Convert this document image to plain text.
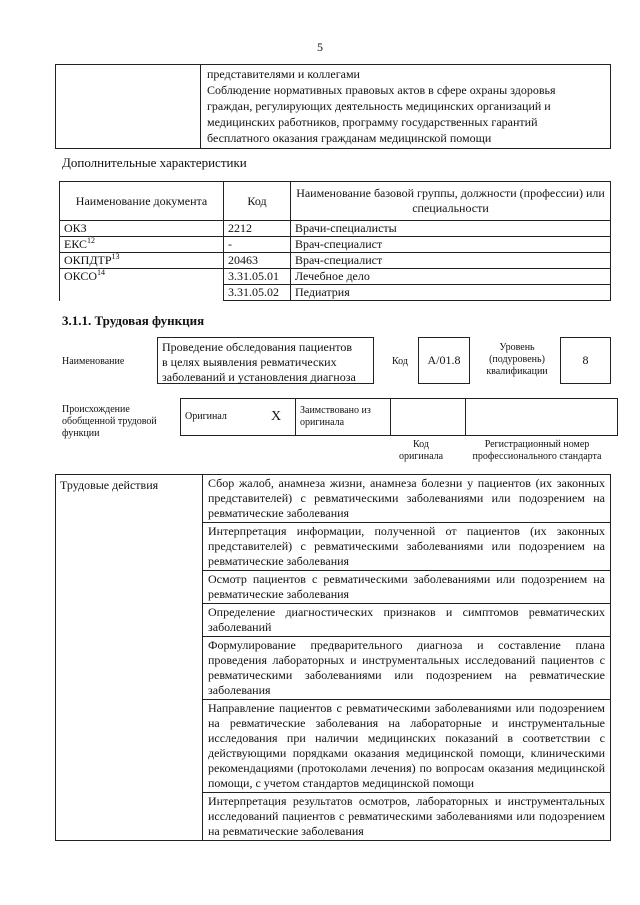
5

представителями и коллегами
Соблюдение нормативных правовых актов в сфере охраны здоровья
граждан, регулирующих деятельность медицинских организаций и
медицинских работников, программу государственных гарантий
бесплатного оказания гражданам медицинской помощи
Дополнительные характеристики
Наименование документа	Код	Наименование базовой группы, должности (профессии) или специальности
ОКЗ	2212	Врачи-специалисты
ЕКС$^{12}$	-	Врач-специалист
ОКПДТР$^{13}$	20463	Врач-специалист
ОКСО$^{14}$	3.31.05.01	Лечебное дело
	3.31.05.02	Педиатрия
3.1.1. Трудовая функция
Наименование
Проведение обследования пациентов
в целях выявления ревматических
заболеваний и установления диагноза
Код	A/01.8
Уровень
(подуровень)
квалификации
8
Происхождение
обобщенной трудовой
функции
Оригинал	X	Заимствовано из
оригинала

Код
оригинала
Регистрационный номер
профессионального стандарта
Трудовые действия	Сбор жалоб, анамнеза жизни, анамнеза болезни у пациентов (их законных представителей) с ревматическими заболеваниями или подозрением на ревматические заболевания
Интерпретация информации, полученной от пациентов (их законных представителей) с ревматическими заболеваниями или подозрением на ревматические заболевания
Осмотр пациентов с ревматическими заболеваниями или подозрением на ревматические заболевания
Определение диагностических признаков и симптомов ревматических заболеваний
Формулирование предварительного диагноза и составление плана проведения лабораторных и инструментальных исследований пациентов с ревматическими заболеваниями или подозрением на ревматические заболевания
Направление пациентов с ревматическими заболеваниями или подозрением на ревматические заболевания на лабораторные и инструментальные исследования при наличии медицинских показаний в соответствии с действующими порядками оказания медицинской помощи, клиническими рекомендациями (протоколами лечения) по вопросам оказания медицинской помощи, с учетом стандартов медицинской помощи
Интерпретация результатов осмотров, лабораторных и инструментальных исследований пациентов с ревматическими заболеваниями или подозрением на ревматические заболевания
